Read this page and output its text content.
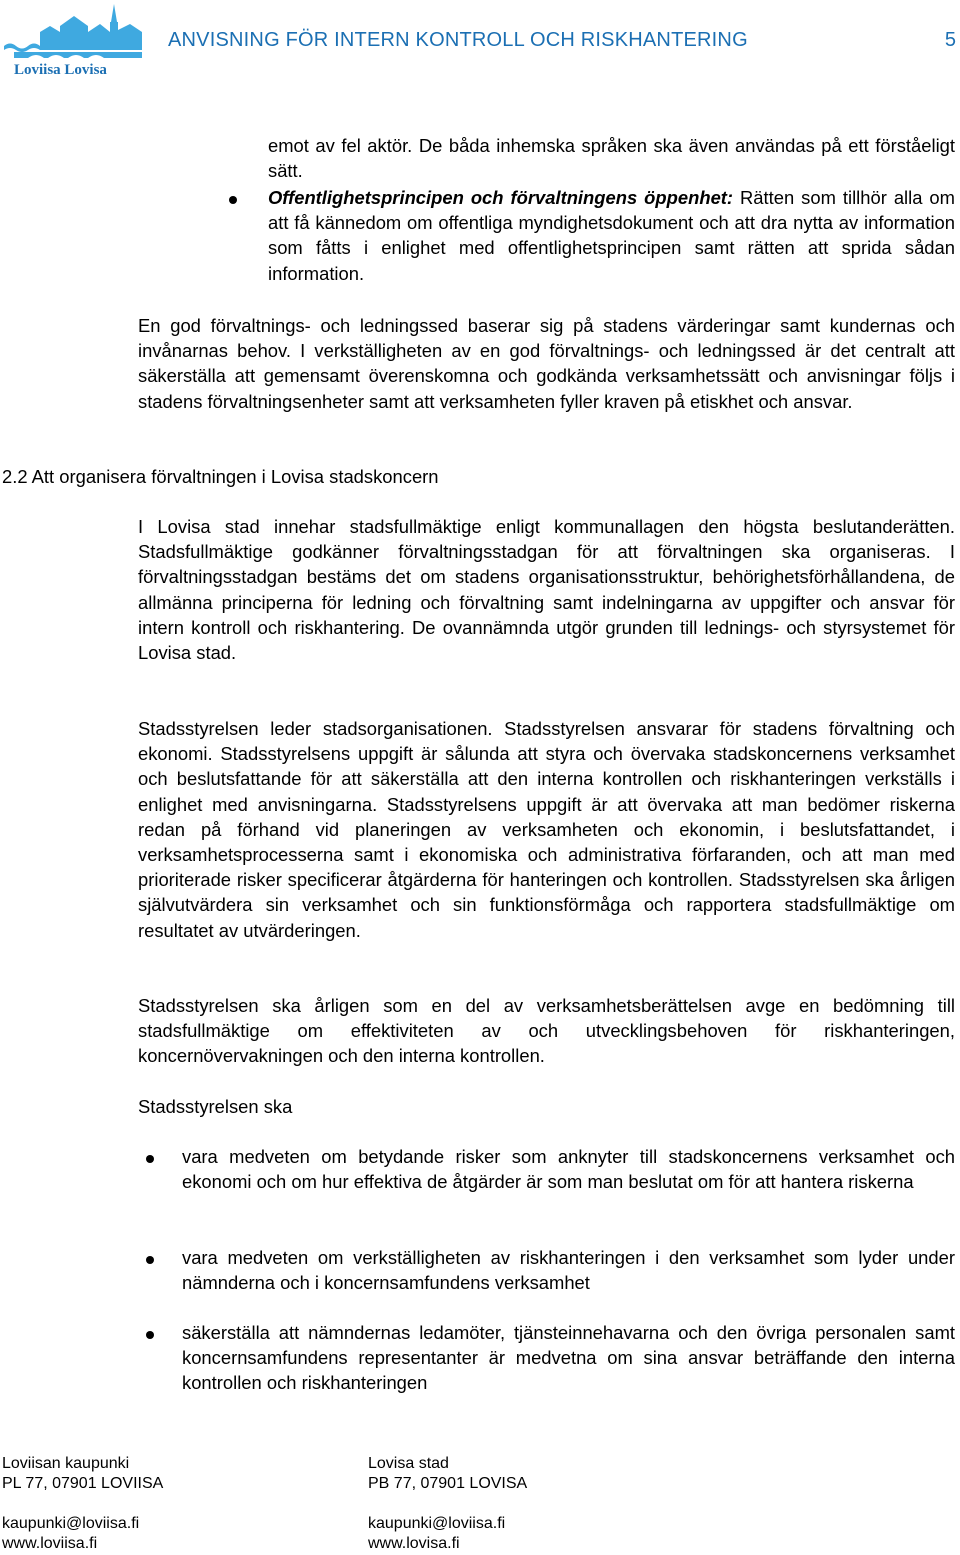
Loviisa Lovisa
ANVISNING FÖR INTERN KONTROLL OCH RISKHANTERING	5

emot av fel aktör. De båda inhemska språken ska även användas på ett förståeligt sätt.

Offentlighetsprincipen och förvaltningens öppenhet: Rätten som tillhör alla om att få kännedom om offentliga myndighetsdokument och att dra nytta av information som fåtts i enlighet med offentlighetsprincipen samt rätten att sprida sådan information.

En god förvaltnings- och ledningssed baserar sig på stadens värderingar samt kundernas och invånarnas behov. I verkställigheten av en god förvaltnings- och ledningssed är det centralt att säkerställa att gemensamt överenskomna och godkända verksamhetssätt och anvisningar följs i stadens förvaltningsenheter samt att verksamheten fyller kraven på etiskhet och ansvar.

2.2 Att organisera förvaltningen i Lovisa stadskoncern

I Lovisa stad innehar stadsfullmäktige enligt kommunallagen den högsta beslutanderätten. Stadsfullmäktige godkänner förvaltningsstadgan för att förvaltningen ska organiseras. I förvaltningsstadgan bestäms det om stadens organisationsstruktur, behörighetsförhållandena, de allmänna principerna för ledning och förvaltning samt indelningarna av uppgifter och ansvar för intern kontroll och riskhantering. De ovannämnda utgör grunden till lednings- och styrsystemet för Lovisa stad.

Stadsstyrelsen leder stadsorganisationen. Stadsstyrelsen ansvarar för stadens förvaltning och ekonomi. Stadsstyrelsens uppgift är sålunda att styra och övervaka stadskoncernens verksamhet och beslutsfattande för att säkerställa att den interna kontrollen och riskhanteringen verkställs i enlighet med anvisningarna. Stadsstyrelsens uppgift är att övervaka att man bedömer riskerna redan på förhand vid planeringen av verksamheten och ekonomin, i beslutsfattandet, i verksamhetsprocesserna samt i ekonomiska och administrativa förfaranden, och att man med prioriterade risker specificerar åtgärderna för hanteringen och kontrollen. Stadsstyrelsen ska årligen självutvärdera sin verksamhet och sin funktionsförmåga och rapportera stadsfullmäktige om resultatet av utvärderingen.

Stadsstyrelsen ska årligen som en del av verksamhetsberättelsen avge en bedömning till stadsfullmäktige om effektiviteten av och utvecklingsbehoven för riskhanteringen, koncernövervakningen och den interna kontrollen.

Stadsstyrelsen ska

vara medveten om betydande risker som anknyter till stadskoncernens verksamhet och ekonomi och om hur effektiva de åtgärder är som man beslutat om för att hantera riskerna

vara medveten om verkställigheten av riskhanteringen i den verksamhet som lyder under nämnderna och i koncernsamfundens verksamhet

säkerställa att nämndernas ledamöter, tjänsteinnehavarna och den övriga personalen samt koncernsamfundens representanter är medvetna om sina ansvar beträffande den interna kontrollen och riskhanteringen

Loviisan kaupunki
PL 77, 07901 LOVIISA
kaupunki@loviisa.fi
www.loviisa.fi
Lovisa stad
PB 77, 07901 LOVISA
kaupunki@loviisa.fi
www.lovisa.fi
